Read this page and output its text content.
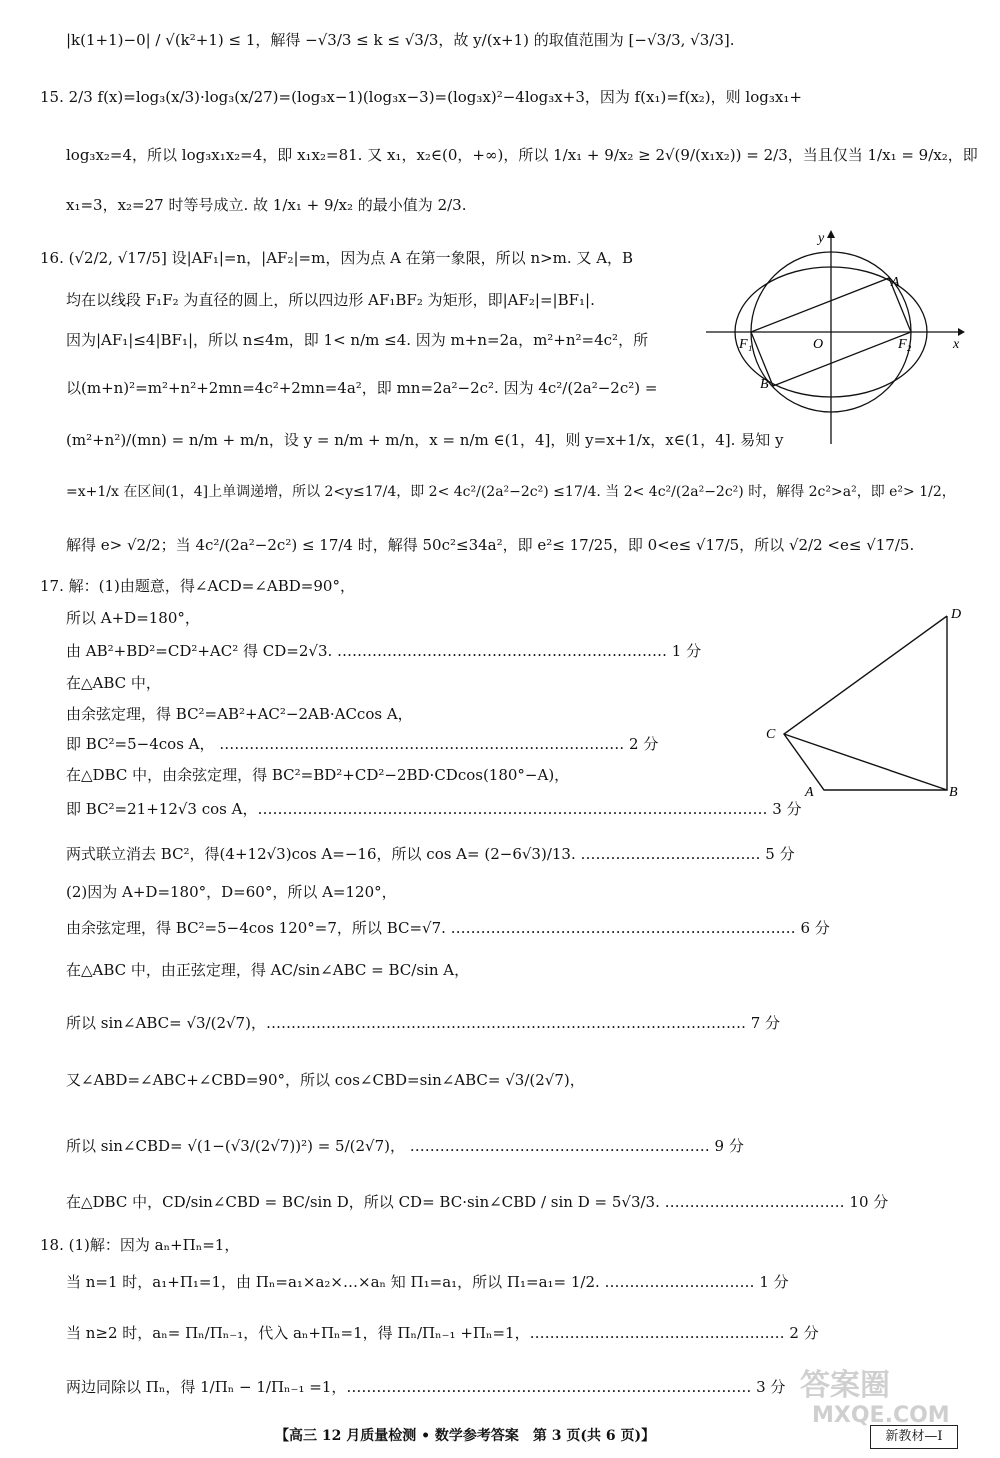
|k(1+1)−0| / √(k²+1) ≤ 1，解得 −√3/3 ≤ k ≤ √3/3，故 y/(x+1) 的取值范围为 [−√3/3, √3/3].
15. 2/3 f(x)=log₃(x/3)·log₃(x/27)=(log₃x−1)(log₃x−3)=(log₃x)²−4log₃x+3，因为 f(x₁)=f(x₂)，则 log₃x₁+
log₃x₂=4，所以 log₃x₁x₂=4，即 x₁x₂=81. 又 x₁，x₂∈(0，+∞)，所以 1/x₁ + 9/x₂ ≥ 2√(9/(x₁x₂)) = 2/3，当且仅当 1/x₁ = 9/x₂，即
x₁=3，x₂=27 时等号成立. 故 1/x₁ + 9/x₂ 的最小值为 2/3.
16. (√2/2, √17/5] 设|AF₁|=n，|AF₂|=m，因为点 A 在第一象限，所以 n>m. 又 A，B
均在以线段 F₁F₂ 为直径的圆上，所以四边形 AF₁BF₂ 为矩形，即|AF₂|=|BF₁|.
因为|AF₁|≤4|BF₁|，所以 n≤4m，即 1< n/m ≤4. 因为 m+n=2a，m²+n²=4c²，所
以(m+n)²=m²+n²+2mn=4c²+2mn=4a²，即 mn=2a²−2c². 因为 4c²/(2a²−2c²) =
(m²+n²)/(mn) = n/m + m/n，设 y = n/m + m/n，x = n/m ∈(1，4]，则 y=x+1/x，x∈(1，4]. 易知 y
=x+1/x 在区间(1，4]上单调递增，所以 2<y≤17/4，即 2< 4c²/(2a²−2c²) ≤17/4. 当 2< 4c²/(2a²−2c²) 时，解得 2c²>a²，即 e²> 1/2，
解得 e> √2/2；当 4c²/(2a²−2c²) ≤ 17/4 时，解得 50c²≤34a²，即 e²≤ 17/25，即 0<e≤ √17/5，所以 √2/2 <e≤ √17/5.
17. 解：(1)由题意，得∠ACD=∠ABD=90°，
所以 A+D=180°，
由 AB²+BD²=CD²+AC² 得 CD=2√3. ………………………………………………………… 1 分
在△ABC 中，
由余弦定理，得 BC²=AB²+AC²−2AB·ACcos A，
即 BC²=5−4cos A， ……………………………………………………………………… 2 分
在△DBC 中，由余弦定理，得 BC²=BD²+CD²−2BD·CDcos(180°−A)，
即 BC²=21+12√3 cos A，………………………………………………………………………………………… 3 分
两式联立消去 BC²，得(4+12√3)cos A=−16，所以 cos A= (2−6√3)/13. ……………………………… 5 分
(2)因为 A+D=180°，D=60°，所以 A=120°，
由余弦定理，得 BC²=5−4cos 120°=7，所以 BC=√7. …………………………………………………………… 6 分
在△ABC 中，由正弦定理，得 AC/sin∠ABC = BC/sin A，
所以 sin∠ABC= √3/(2√7)，…………………………………………………………………………………… 7 分
又∠ABD=∠ABC+∠CBD=90°，所以 cos∠CBD=sin∠ABC= √3/(2√7)，
所以 sin∠CBD= √(1−(√3/(2√7))²) = 5/(2√7)， …………………………………………………… 9 分
在△DBC 中，CD/sin∠CBD = BC/sin D，所以 CD= BC·sin∠CBD / sin D = 5√3/3. ……………………………… 10 分
18. (1)解：因为 aₙ+Πₙ=1，
当 n=1 时，a₁+Π₁=1，由 Πₙ=a₁×a₂×…×aₙ 知 Π₁=a₁，所以 Π₁=a₁= 1/2. ………………………… 1 分
当 n≥2 时，aₙ= Πₙ/Πₙ₋₁，代入 aₙ+Πₙ=1，得 Πₙ/Πₙ₋₁ +Πₙ=1，…………………………………………… 2 分
两边同除以 Πₙ，得 1/Πₙ − 1/Πₙ₋₁ =1，……………………………………………………………………… 3 分
y
x
O
A
B
F₁	F₂
D
C
A	B
答案圈
MXQE.COM
【高三 12 月质量检测 • 数学参考答案　第 3 页(共 6 页)】	新教材—Ⅰ
